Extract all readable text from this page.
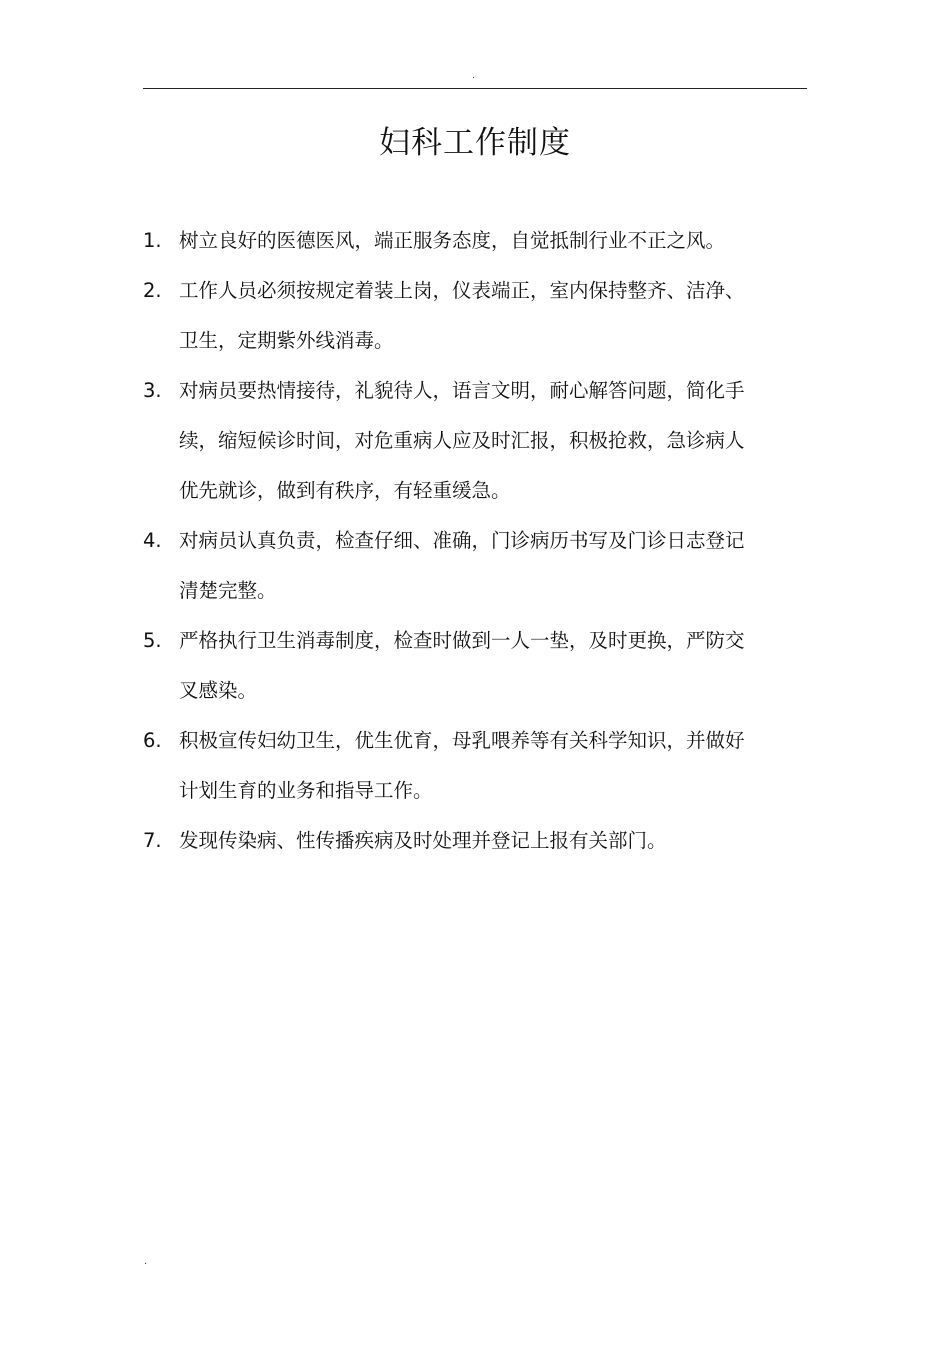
.
妇科工作制度
1. 树立良好的医德医风，端正服务态度，自觉抵制行业不正之风。
2. 工作人员必须按规定着装上岗，仪表端正，室内保持整齐、洁净、卫生，定期紫外线消毒。
3. 对病员要热情接待，礼貌待人，语言文明，耐心解答问题，简化手续，缩短候诊时间，对危重病人应及时汇报，积极抢救，急诊病人优先就诊，做到有秩序，有轻重缓急。
4. 对病员认真负责，检查仔细、准确，门诊病历书写及门诊日志登记清楚完整。
5. 严格执行卫生消毒制度，检查时做到一人一垫，及时更换，严防交叉感染。
6. 积极宣传妇幼卫生，优生优育，母乳喂养等有关科学知识，并做好计划生育的业务和指导工作。
7. 发现传染病、性传播疾病及时处理并登记上报有关部门。
.
